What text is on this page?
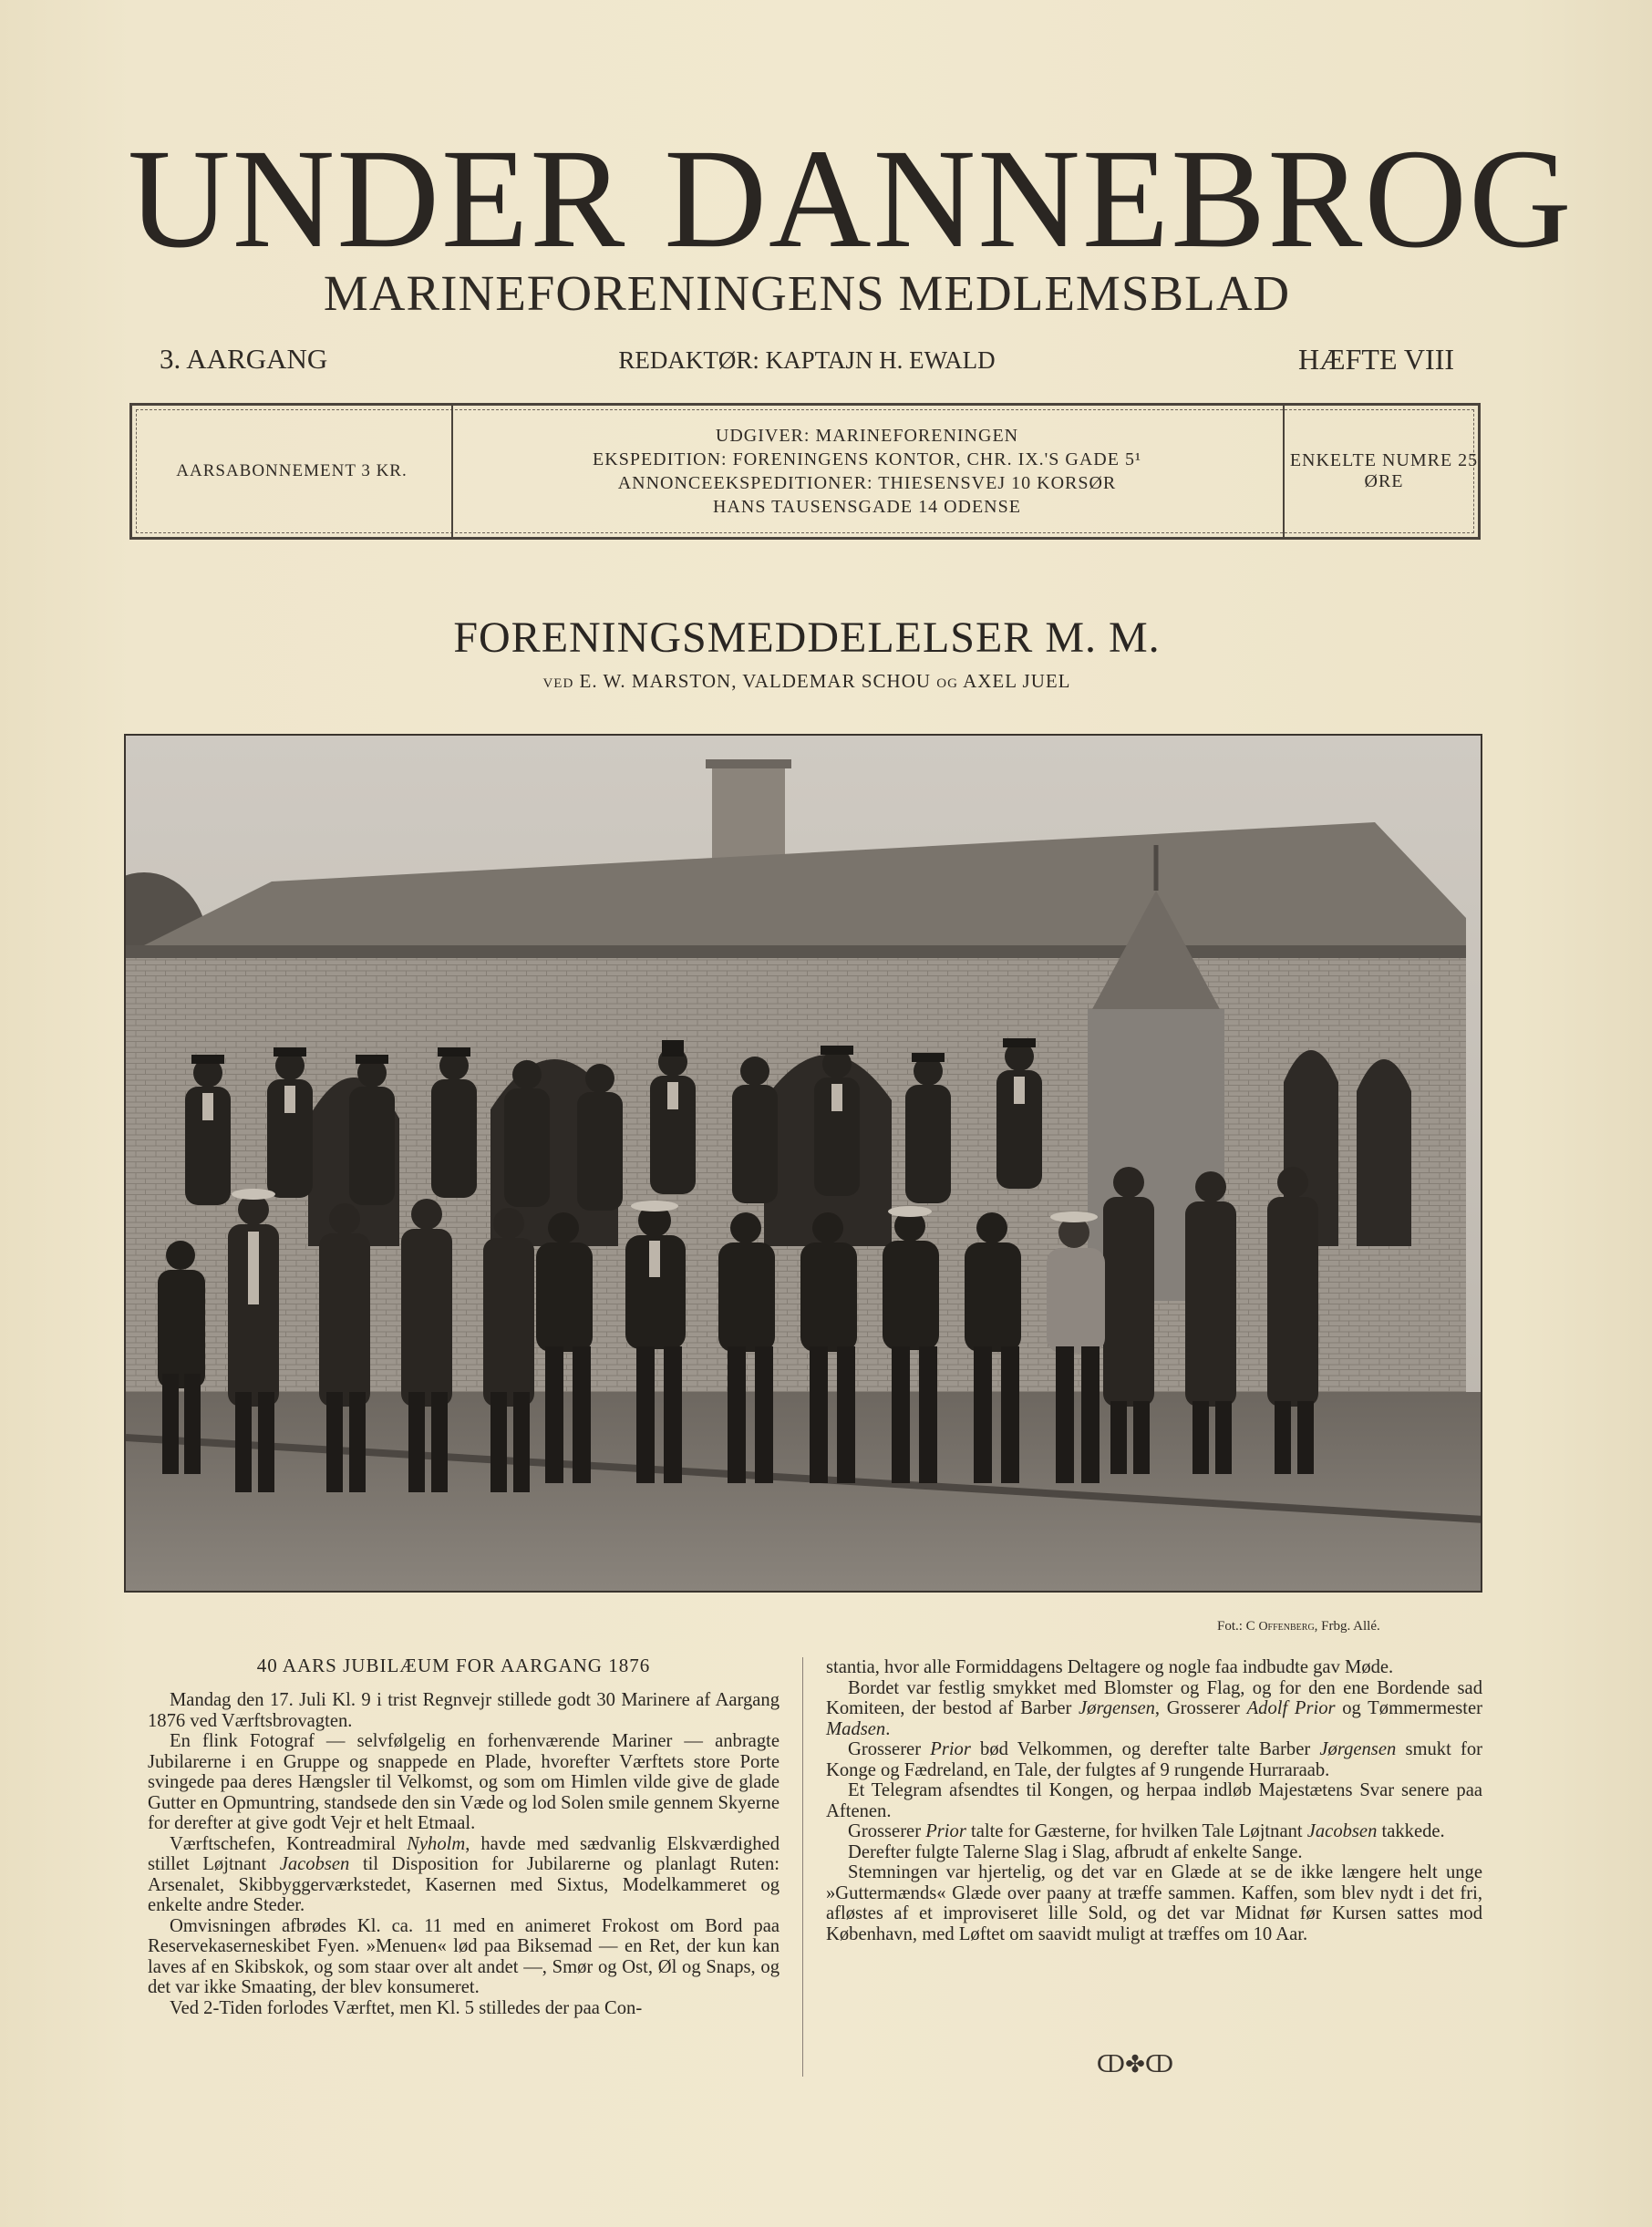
UNDER DANNEBROG
MARINEFORENINGENS MEDLEMSBLAD
3. AARGANG	REDAKTØR: KAPTAJN H. EWALD	HÆFTE VIII
AARSABONNEMENT 3 KR.
UDGIVER: MARINEFORENINGEN
EKSPEDITION: FORENINGENS KONTOR, CHR. IX.'S GADE 5¹
ANNONCEEKSPEDITIONER: THIESENSVEJ 10 KORSØR
HANS TAUSENSGADE 14 ODENSE
ENKELTE NUMRE 25 ØRE
FORENINGSMEDDELELSER M. M.
VED E. W. MARSTON, VALDEMAR SCHOU OG AXEL JUEL
Fot.: C Offenberg, Frbg. Allé.
40 AARS JUBILÆUM FOR AARGANG 1876

Mandag den 17. Juli Kl. 9 i trist Regnvejr stillede godt 30 Marinere af Aargang 1876 ved Værftsbrovagten.

En flink Fotograf — selvfølgelig en forhenværende Mariner — anbragte Jubilarerne i en Gruppe og snappede en Plade, hvorefter Værftets store Porte svingede paa deres Hængsler til Velkomst, og som om Himlen vilde give de glade Gutter en Opmuntring, standsede den sin Væde og lod Solen smile gennem Skyerne for derefter at give godt Vejr et helt Etmaal.

Værftschefen, Kontreadmiral Nyholm, havde med sædvanlig Elskværdighed stillet Løjtnant Jacobsen til Disposition for Jubilarerne og planlagt Ruten: Arsenalet, Skibbyggerværkstedet, Kasernen med Sixtus, Modelkammeret og enkelte andre Steder.

Omvisningen afbrødes Kl. ca. 11 med en animeret Frokost om Bord paa Reservekaserneskibet Fyen. »Menuen« lød paa Biksemad — en Ret, der kun kan laves af en Skibskok, og som staar over alt andet —, Smør og Ost, Øl og Snaps, og det var ikke Smaating, der blev konsumeret.

Ved 2-Tiden forlodes Værftet, men Kl. 5 stilledes der paa Con-

stantia, hvor alle Formiddagens Deltagere og nogle faa indbudte gav Møde.

Bordet var festlig smykket med Blomster og Flag, og for den ene Bordende sad Komiteen, der bestod af Barber Jørgensen, Grosserer Adolf Prior og Tømmermester Madsen.

Grosserer Prior bød Velkommen, og derefter talte Barber Jørgensen smukt for Konge og Fædreland, en Tale, der fulgtes af 9 rungende Hurraraab.

Et Telegram afsendtes til Kongen, og herpaa indløb Majestætens Svar senere paa Aftenen.

Grosserer Prior talte for Gæsterne, for hvilken Tale Løjtnant Jacobsen takkede.

Derefter fulgte Talerne Slag i Slag, afbrudt af enkelte Sange.

Stemningen var hjertelig, og det var en Glæde at se de ikke længere helt unge »Guttermænds« Glæde over paany at træffe sammen. Kaffen, som blev nydt i det fri, afløstes af et improviseret lille Sold, og det var Midnat før Kursen sattes mod København, med Løftet om saavidt muligt at træffes om 10 Aar.

ↀ✤ↀ
